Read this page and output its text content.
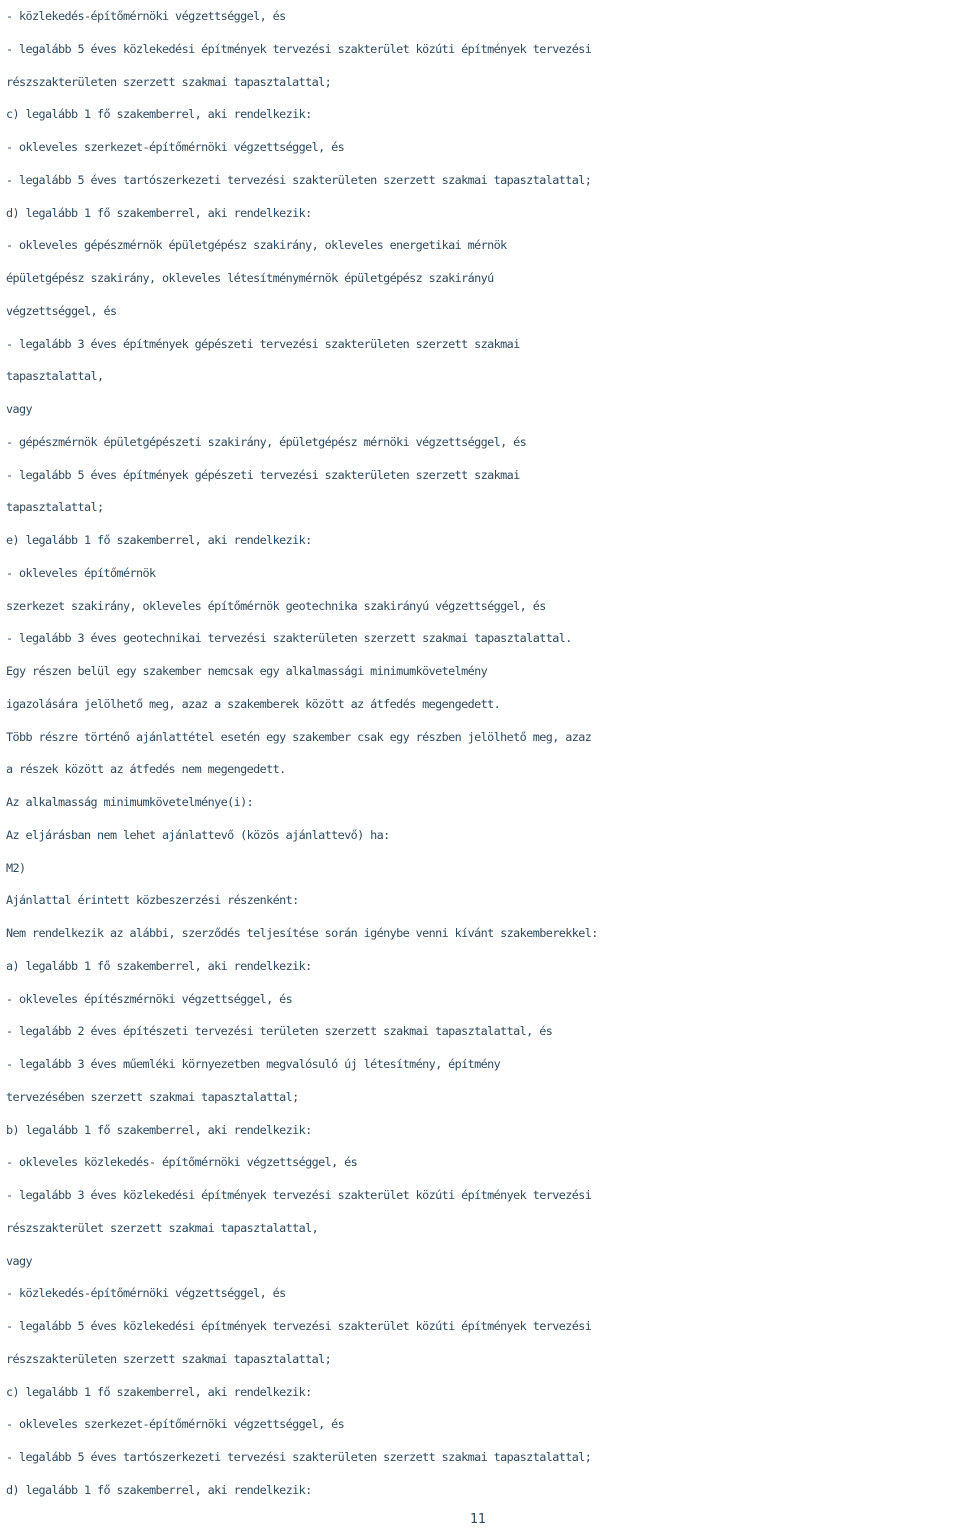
- közlekedés-építőmérnöki végzettséggel, és
- legalább 5 éves közlekedési építmények tervezési szakterület közúti építmények tervezési
részszakterületen szerzett szakmai tapasztalattal;
c) legalább 1 fő szakemberrel, aki rendelkezik:
- okleveles szerkezet-építőmérnöki végzettséggel, és
- legalább 5 éves tartószerkezeti tervezési szakterületen szerzett szakmai tapasztalattal;
d) legalább 1 fő szakemberrel, aki rendelkezik:
- okleveles gépészmérnök épületgépész szakirány, okleveles energetikai mérnök
épületgépész szakirány, okleveles létesítménymérnök épületgépész szakirányú
végzettséggel, és
- legalább 3 éves építmények gépészeti tervezési szakterületen szerzett szakmai
tapasztalattal,
vagy
- gépészmérnök épületgépészeti szakirány, épületgépész mérnöki végzettséggel, és
- legalább 5 éves építmények gépészeti tervezési szakterületen szerzett szakmai
tapasztalattal;
e) legalább 1 fő szakemberrel, aki rendelkezik:
- okleveles építőmérnök
szerkezet szakirány, okleveles építőmérnök geotechnika szakirányú végzettséggel, és
- legalább 3 éves geotechnikai tervezési szakterületen szerzett szakmai tapasztalattal.
Egy részen belül egy szakember nemcsak egy alkalmassági minimumkövetelmény
igazolására jelölhető meg, azaz a szakemberek között az átfedés megengedett.
Több részre történő ajánlattétel esetén egy szakember csak egy részben jelölhető meg, azaz
a részek között az átfedés nem megengedett.
Az alkalmasság minimumkövetelménye(i):
Az eljárásban nem lehet ajánlattevő (közös ajánlattevő) ha:
M2)
Ajánlattal érintett közbeszerzési részenként:
Nem rendelkezik az alábbi, szerződés teljesítése során igénybe venni kívánt szakemberekkel:
a) legalább 1 fő szakemberrel, aki rendelkezik:
- okleveles építészmérnöki végzettséggel, és
- legalább 2 éves építészeti tervezési területen szerzett szakmai tapasztalattal, és
- legalább 3 éves műemléki környezetben megvalósuló új létesítmény, építmény
tervezésében szerzett szakmai tapasztalattal;
b) legalább 1 fő szakemberrel, aki rendelkezik:
- okleveles közlekedés- építőmérnöki végzettséggel, és
- legalább 3 éves közlekedési építmények tervezési szakterület közúti építmények tervezési
részszakterület szerzett szakmai tapasztalattal,
vagy
- közlekedés-építőmérnöki végzettséggel, és
- legalább 5 éves közlekedési építmények tervezési szakterület közúti építmények tervezési
részszakterületen szerzett szakmai tapasztalattal;
c) legalább 1 fő szakemberrel, aki rendelkezik:
- okleveles szerkezet-építőmérnöki végzettséggel, és
- legalább 5 éves tartószerkezeti tervezési szakterületen szerzett szakmai tapasztalattal;
d) legalább 1 fő szakemberrel, aki rendelkezik:
11
